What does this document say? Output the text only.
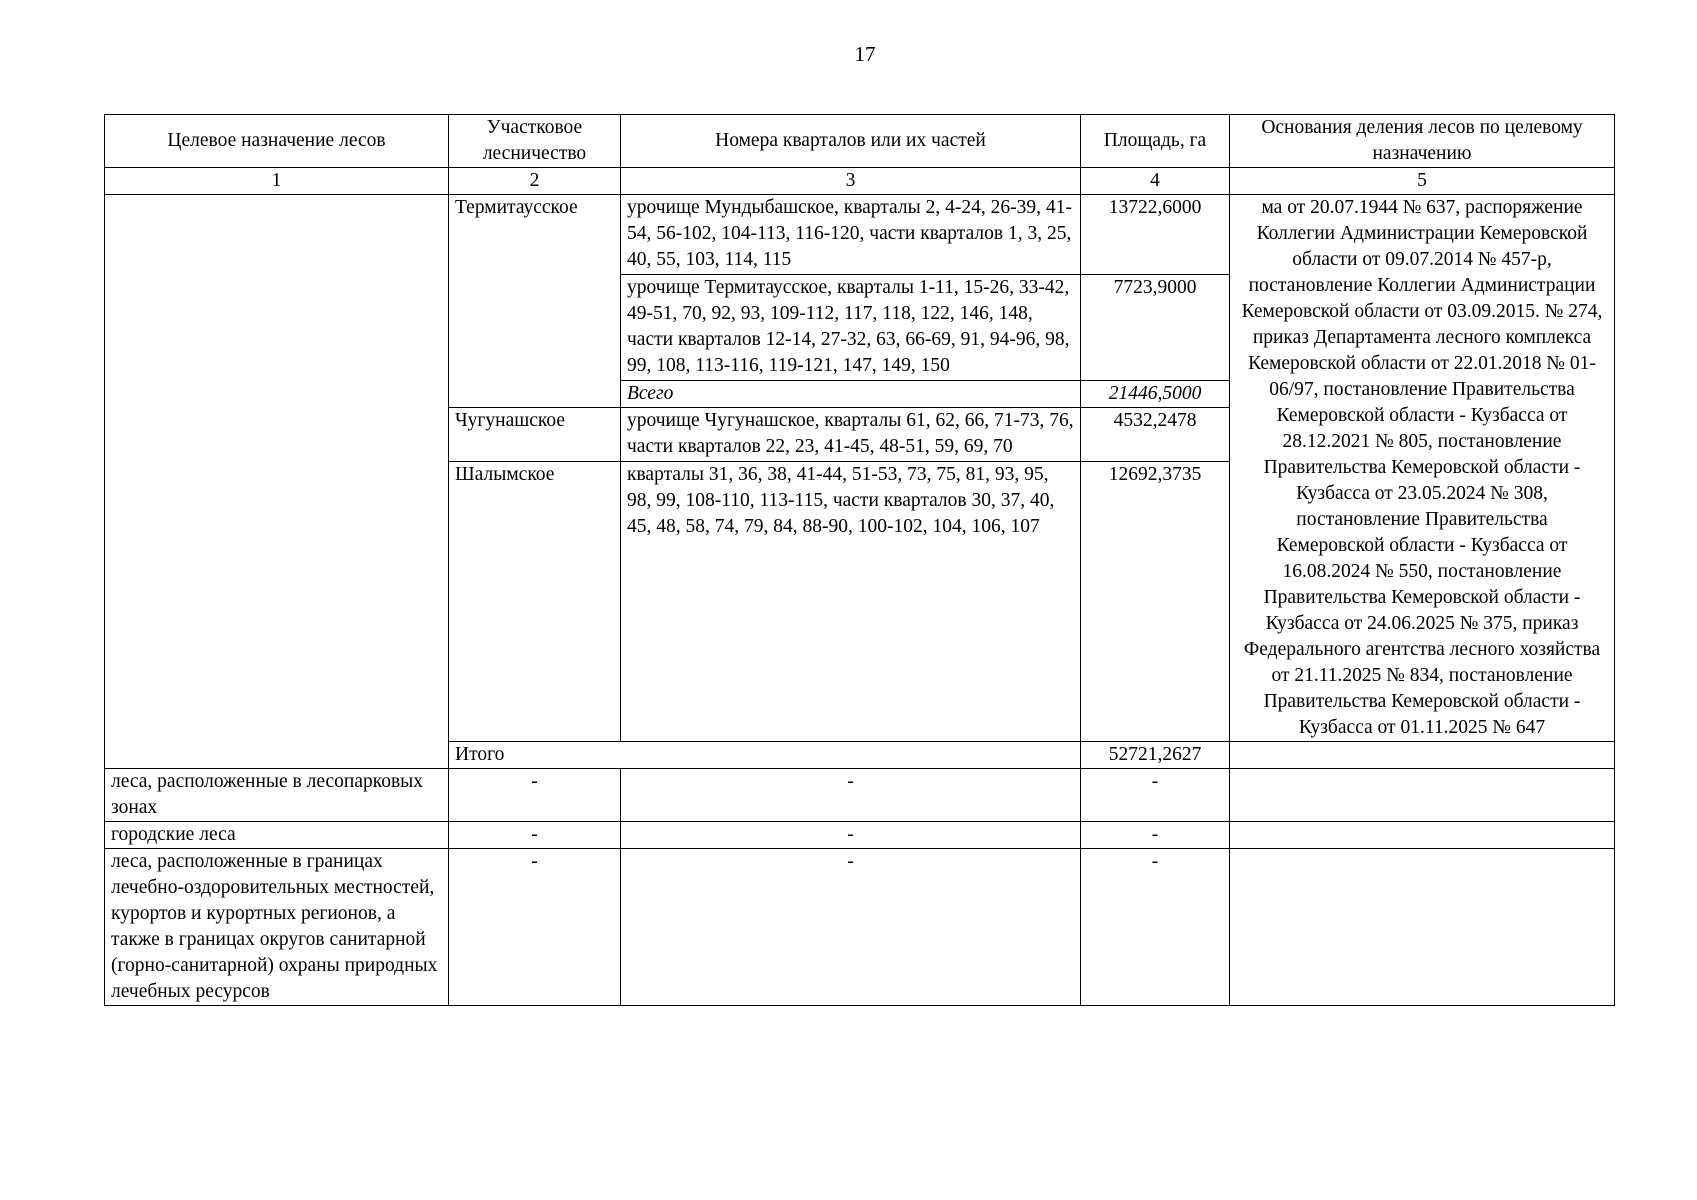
17
Целевое назначение лесов	Участковое лесничество	Номера кварталов или их частей	Площадь, га	Основания деления лесов по целевому назначению
1	2	3	4	5
	Термитаусское	урочище Мундыбашское, кварталы 2, 4-24, 26-39, 41-54, 56-102, 104-113, 116-120, части кварталов 1, 3, 25, 40, 55, 103, 114, 115	13722,6000	ма от 20.07.1944 № 637, распоряжение Коллегии Администрации Кемеровской области от 09.07.2014 № 457-р, постановление Коллегии Администрации Кемеровской области от 03.09.2015. № 274, приказ Департамента лесного комплекса Кемеровской области от 22.01.2018 № 01-06/97, постановление Правительства Кемеровской области - Кузбасса от 28.12.2021 № 805, постановление Правительства Кемеровской области - Кузбасса от 23.05.2024 № 308, постановление Правительства Кемеровской области - Кузбасса от 16.08.2024 № 550, постановление Правительства Кемеровской области - Кузбасса от 24.06.2025 № 375, приказ Федерального агентства лесного хозяйства от 21.11.2025 № 834, постановление Правительства Кемеровской области - Кузбасса от 01.11.2025 № 647
		урочище Термитаусское, кварталы 1-11, 15-26, 33-42, 49-51, 70, 92, 93, 109-112, 117, 118, 122, 146, 148, части кварталов 12-14, 27-32, 63, 66-69, 91, 94-96, 98, 99, 108, 113-116, 119-121, 147, 149, 150	7723,9000	
		Всего	21446,5000	
	Чугунашское	урочище Чугунашское, кварталы 61, 62, 66, 71-73, 76, части кварталов 22, 23, 41-45, 48-51, 59, 69, 70	4532,2478	
	Шалымское	кварталы 31, 36, 38, 41-44, 51-53, 73, 75, 81, 93, 95, 98, 99, 108-110, 113-115, части кварталов 30, 37, 40, 45, 48, 58, 74, 79, 84, 88-90, 100-102, 104, 106, 107	12692,3735	
	Итого		52721,2627	
леса, расположенные в лесопарковых зонах	-	-	-	
городские леса	-	-	-	
леса, расположенные в границах лечебно-оздоровительных местностей, курортов и курортных регионов, а также в границах округов санитарной (горно-санитарной) охраны природных лечебных ресурсов	-	-	-	
